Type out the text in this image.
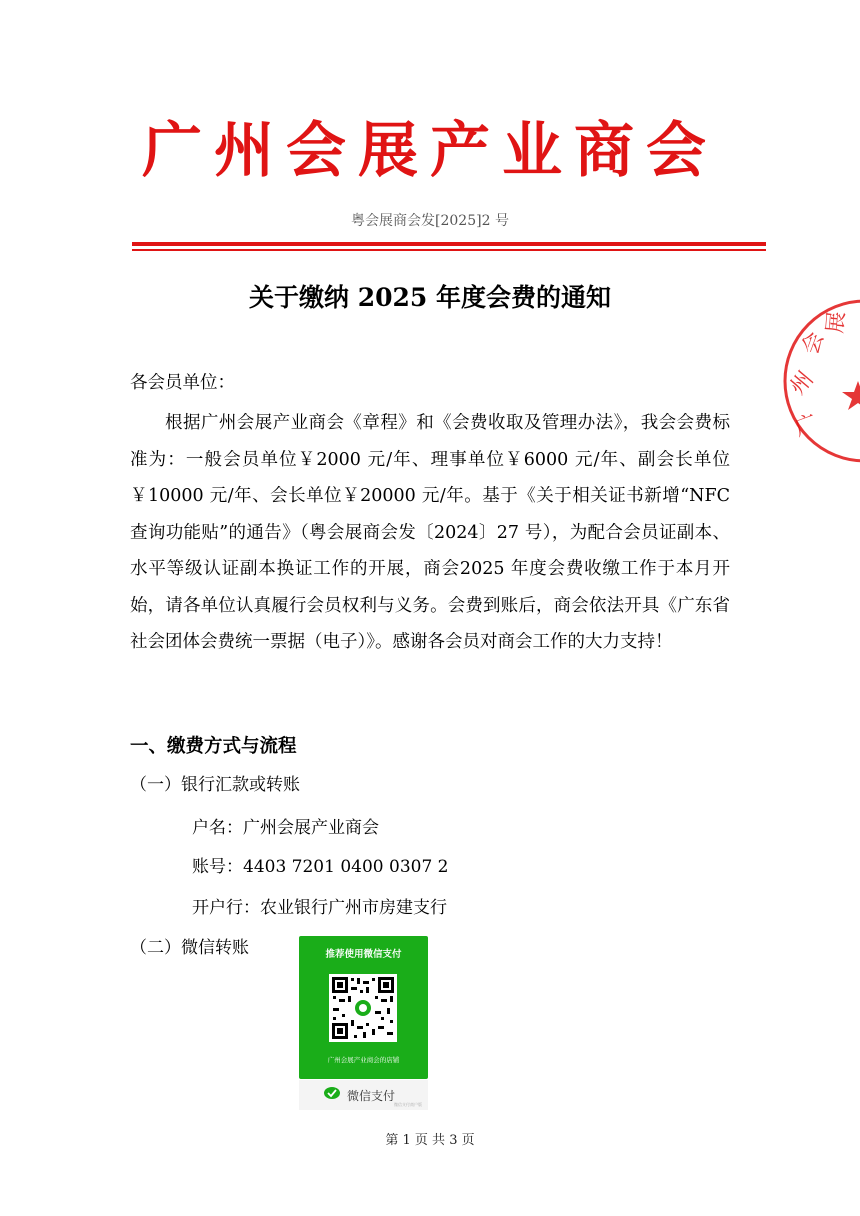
广州会展产业商会
粤会展商会发[2025]2 号
关于缴纳 2025 年度会费的通知
各会员单位：
根据广州会展产业商会《章程》和《会费收取及管理办法》，我会会费标准为：一般会员单位￥2000 元/年、理事单位￥6000 元/年、副会长单位￥10000 元/年、会长单位￥20000 元/年。基于《关于相关证书新增“NFC 查询功能贴”的通告》（粤会展商会发〔2024〕27 号），为配合会员证副本、水平等级认证副本换证工作的开展，商会2025 年度会费收缴工作于本月开始，请各单位认真履行会员权利与义务。会费到账后，商会依法开具《广东省社会团体会费统一票据（电子）》。感谢各会员对商会工作的大力支持！
一、缴费方式与流程
（一）银行汇款或转账
户名：广州会展产业商会
账号：4403 7201 0400 0307 2
开户行：农业银行广州市房建支行
（二）微信转账	推荐使用微信支付
广州会展产业商会的店铺
微信支付
微信支付商户版
第 1 页 共 3 页
广
州
会
展
